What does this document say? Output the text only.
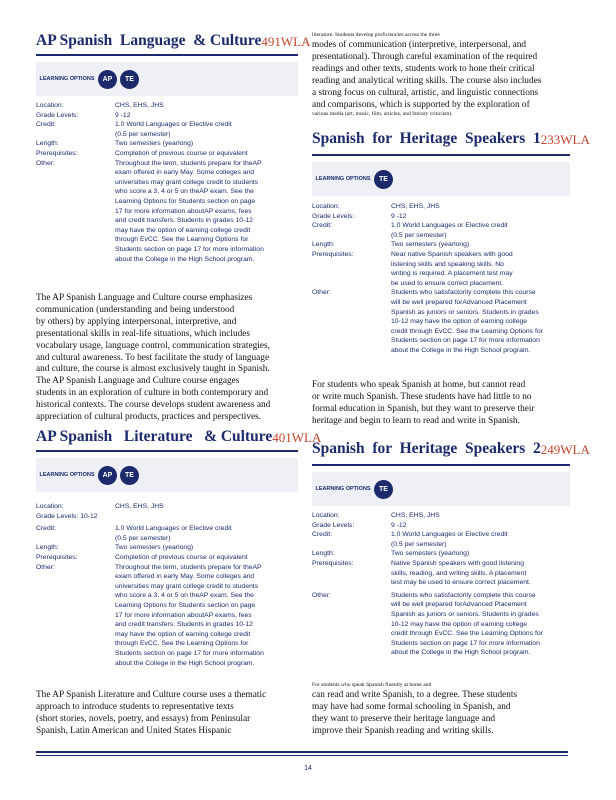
AP Spanish  Language  & Culture 491WLA
LEARNING OPTIONS	AP	TE
Location:	CHS, EHS, JHS
Grade Levels:	9 -12
Credit:	1.0 World Languages or Elective credit
(0.5 per semester)
Length:	Two semesters (yearlong)
Prerequisites:	Completion of previous course or equivalent
Other:	Throughout the term, students prepare for theAP
exam offered in early May. Some colleges and
universities may grant college credit to students
who score a 3, 4 or 5 on theAP exam. See the
Learning Options for Students section on page
17 for more information aboutAP exams, fees
and credit transfers. Students in grades 10-12
may have the option of earning college credit
through EvCC. See the Learning Options for
Students section on page 17 for more information
about the College in the High School program.
The AP Spanish Language and Culture course emphasizes
communication (understanding and being understood
by others) by applying interpersonal, interpretive, and
presentational skills in real-life situations, which includes
vocabulary usage, language control, communication strategies,
and cultural awareness. To best facilitate the study of language
and culture, the course is almost exclusively taught in Spanish.
The AP Spanish Language and Culture course engages
students in an exploration of culture in both contemporary and
historical contexts. The course develops student awareness and
appreciation of cultural products, practices and perspectives.
AP Spanish   Literature   & Culture 401WLA
LEARNING OPTIONS	AP	TE
Location:	CHS, EHS, JHS
Grade Levels: 10-12
Credit:	1.0 World Languages or Elective credit
(0.5 per semester)
Length:	Two semesters (yearlong)
Prerequisites:	Completion of previous course or equivalent
Other:	Throughout the term, students prepare for theAP
exam offered in early May. Some colleges and
universities may grant college credit to students
who score a 3, 4 or 5 on theAP exam. See the
Learning Options for Students section on page
17 for more information aboutAP exams, fees
and credit transfers. Students in grades 10-12
may have the option of earning college credit
through EvCC. See the Learning Options for
Students section on page 17 for more information
about the College in the High School program.
The AP Spanish Literature and Culture course uses a thematic
approach to introduce students to representative texts
(short stories, novels, poetry, and essays) from Peninsular
Spanish, Latin American and United States Hispanic
literature. Students develop proficiencies across the three
modes of communication (interpretive, interpersonal, and
presentational). Through careful examination of the required
readings and other texts, students work to hone their critical
reading and analytical writing skills. The course also includes
a strong focus on cultural, artistic, and linguistic connections
and comparisons, which is supported by the exploration of
various media (art, music, film, articles, and literary criticism).
Spanish  for  Heritage  Speakers  1 233WLA
LEARNING OPTIONS	TE
Location:	CHS, EHS, JHS
Grade Levels:	9 -12
Credit:	1.0 World Languages or Elective credit
(0.5 per semester)
Length:	Two semesters (yearlong)
Prerequisites:	Near native Spanish speakers with good
listening skills and speaking skills. No
writing is required. A placement test may
be used to ensure correct placement.
Other:	Students who satisfactorily complete this course
will be well prepared forAdvanced Placement
Spanish as juniors or seniors. Students in grades
10-12 may have the option of earning college
credit through EvCC. See the Learning Options for
Students section on page 17 for more information
about the College in the High School program.
For students who speak Spanish at home, but cannot read
or write much Spanish. These students have had little to no
formal education in Spanish, but they want to preserve their
heritage and begin to learn to read and write in Spanish.
Spanish  for  Heritage  Speakers  2 249WLA
LEARNING OPTIONS	TE
Location:	CHS, EHS, JHS
Grade Levels:	9 -12
Credit:	1.0 World Languages or Elective credit
(0.5 per semester)
Length:	Two semesters (yearlong)
Prerequisites:	Native Spanish speakers with good listening
skills, reading, and writing skills. A placement
test may be used to ensure correct placement.
Other:	Students who satisfactorily complete this course
will be well prepared forAdvanced Placement
Spanish as juniors or seniors. Students in grades
10-12 may have the option of earning college
credit through EvCC. See the Learning Options for
Students section on page 17 for more information
about the College in the High School program.
For students who speak Spanish fluently at home and
can read and write Spanish, to a degree. These students
may have had some formal schooling in Spanish, and
they want to preserve their heritage language and
improve their Spanish reading and writing skills.
14
